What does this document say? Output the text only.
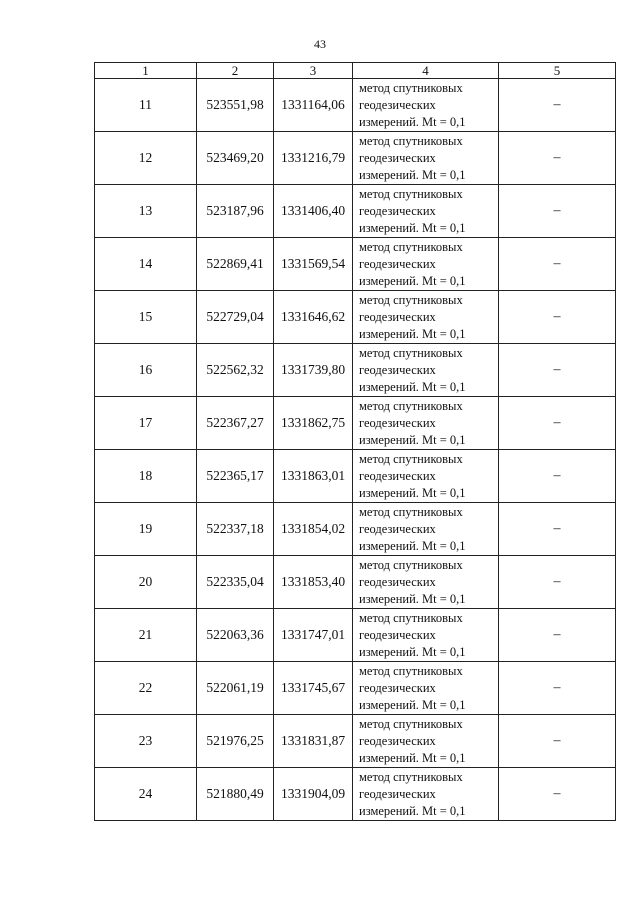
43
1	2	3	4	5
11	523551,98	1331164,06	метод спутниковых
геодезических
измерений. Mt = 0,1	–
12	523469,20	1331216,79	метод спутниковых
геодезических
измерений. Mt = 0,1	–
13	523187,96	1331406,40	метод спутниковых
геодезических
измерений. Mt = 0,1	–
14	522869,41	1331569,54	метод спутниковых
геодезических
измерений. Mt = 0,1	–
15	522729,04	1331646,62	метод спутниковых
геодезических
измерений. Mt = 0,1	–
16	522562,32	1331739,80	метод спутниковых
геодезических
измерений. Mt = 0,1	–
17	522367,27	1331862,75	метод спутниковых
геодезических
измерений. Mt = 0,1	–
18	522365,17	1331863,01	метод спутниковых
геодезических
измерений. Mt = 0,1	–
19	522337,18	1331854,02	метод спутниковых
геодезических
измерений. Mt = 0,1	–
20	522335,04	1331853,40	метод спутниковых
геодезических
измерений. Mt = 0,1	–
21	522063,36	1331747,01	метод спутниковых
геодезических
измерений. Mt = 0,1	–
22	522061,19	1331745,67	метод спутниковых
геодезических
измерений. Mt = 0,1	–
23	521976,25	1331831,87	метод спутниковых
геодезических
измерений. Mt = 0,1	–
24	521880,49	1331904,09	метод спутниковых
геодезических
измерений. Mt = 0,1	–
